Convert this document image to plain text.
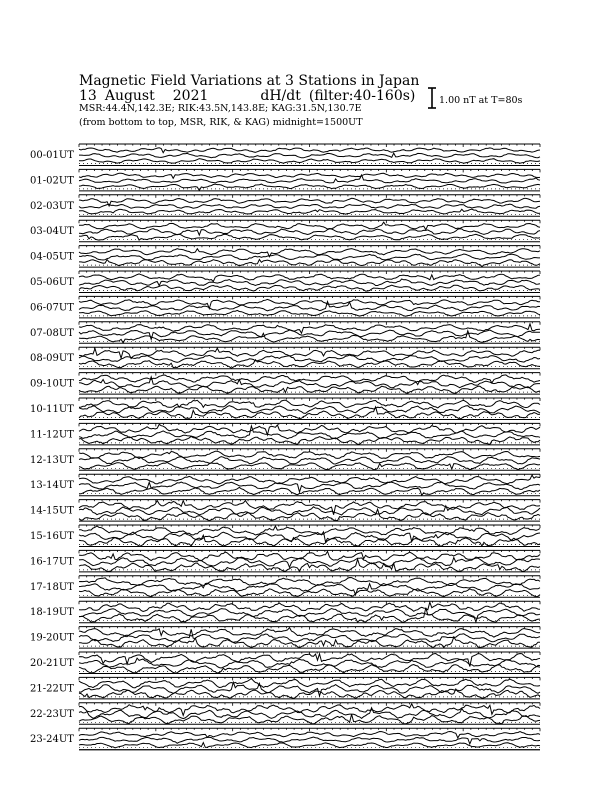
Magnetic Field Variations at 3 Stations in Japan
13 August 2021	dH/dt (filter:40-160s)
MSR:44.4N,142.3E; RIK:43.5N,143.8E; KAG:31.5N,130.7E
(from bottom to top, MSR, RIK, & KAG) midnight=1500UT
1.00 nT at T=80s
00-01UT
01-02UT
02-03UT
03-04UT
04-05UT
05-06UT
06-07UT
07-08UT
08-09UT
09-10UT
10-11UT
11-12UT
12-13UT
13-14UT
14-15UT
15-16UT
16-17UT
17-18UT
18-19UT
19-20UT
20-21UT
21-22UT
22-23UT
23-24UT
